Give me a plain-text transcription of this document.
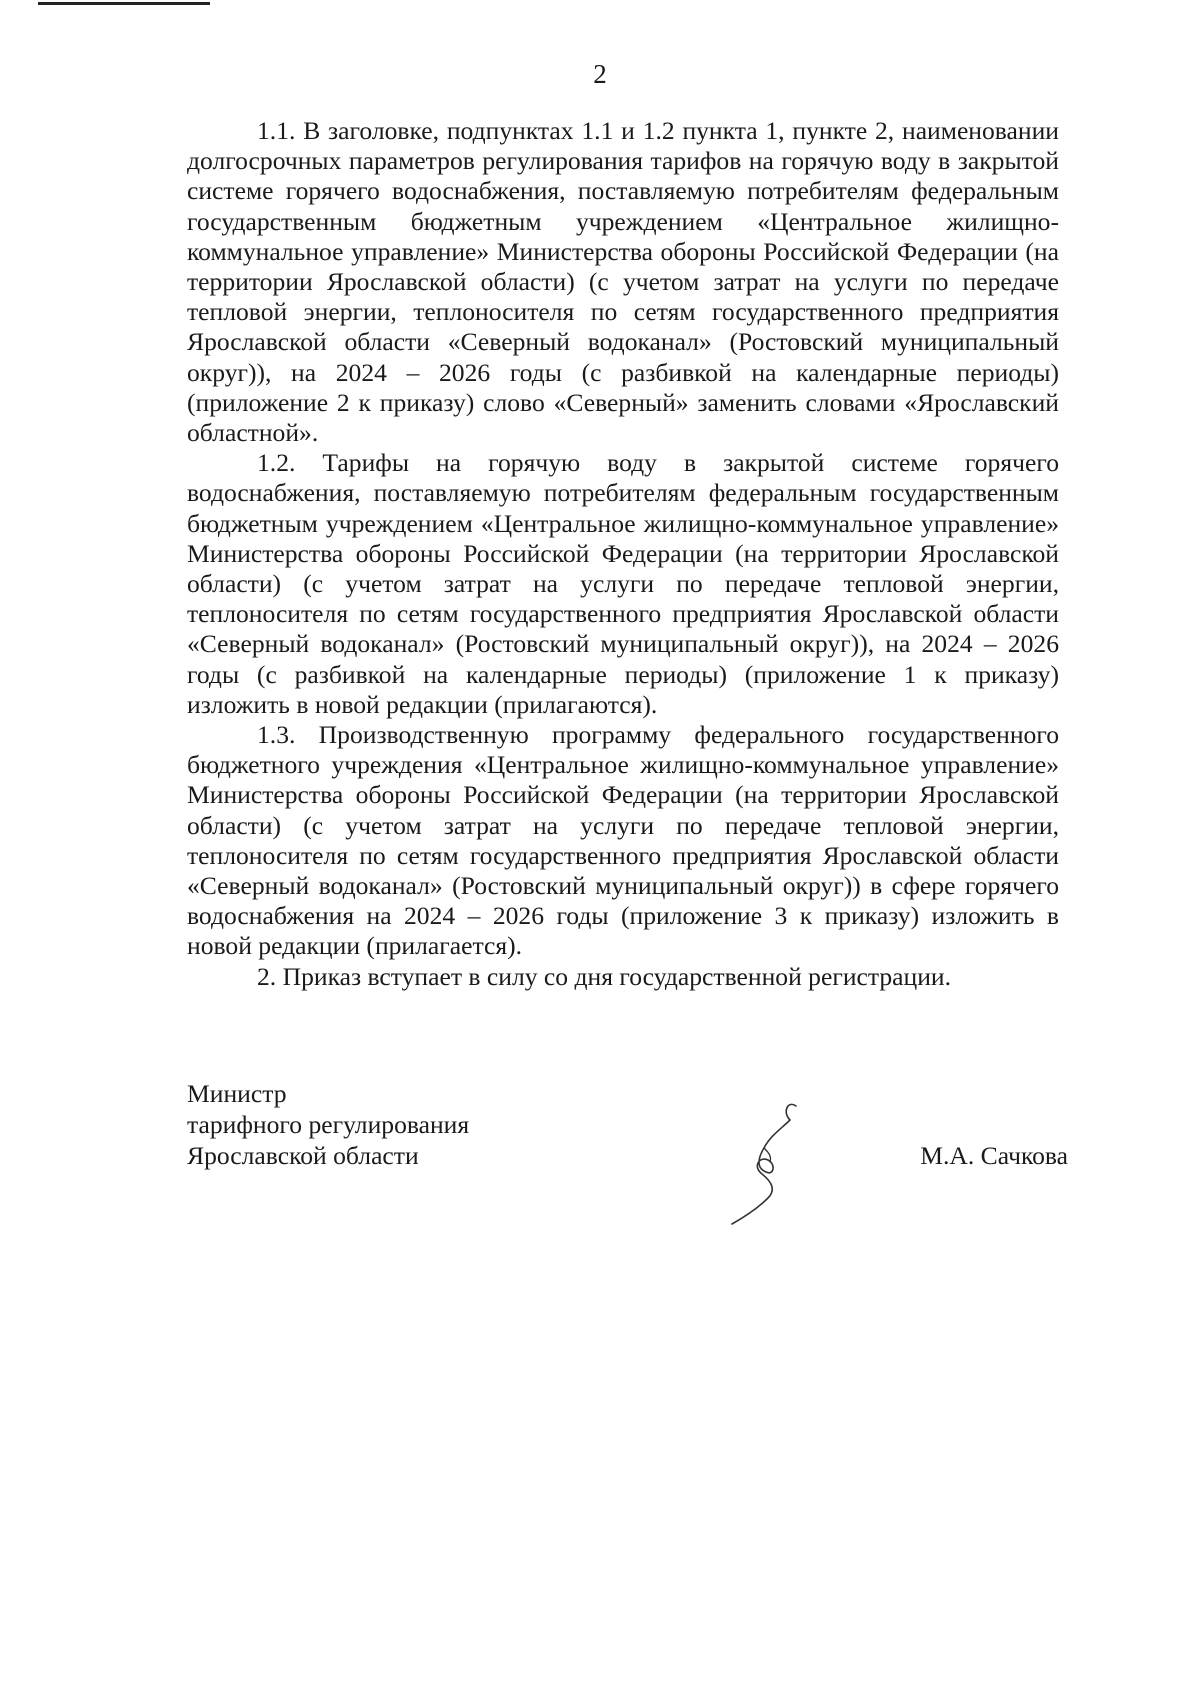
2

1.1. В заголовке, подпунктах 1.1 и 1.2 пункта 1, пункте 2, наименовании долгосрочных параметров регулирования тарифов на горячую воду в закрытой системе горячего водоснабжения, поставляемую потребителям федеральным государственным бюджетным учреждением «Центральное жилищно-коммунальное управление» Министерства обороны Российской Федерации (на территории Ярославской области) (с учетом затрат на услуги по передаче тепловой энергии, теплоносителя по сетям государственного предприятия Ярославской области «Северный водоканал» (Ростовский муниципальный округ)), на 2024 – 2026 годы (с разбивкой на календарные периоды) (приложение 2 к приказу) слово «Северный» заменить словами «Ярославский областной».

1.2. Тарифы на горячую воду в закрытой системе горячего водоснабжения, поставляемую потребителям федеральным государственным бюджетным учреждением «Центральное жилищно-коммунальное управление» Министерства обороны Российской Федерации (на территории Ярославской области) (с учетом затрат на услуги по передаче тепловой энергии, теплоносителя по сетям государственного предприятия Ярославской области «Северный водоканал» (Ростовский муниципальный округ)), на 2024 – 2026 годы (с разбивкой на календарные периоды) (приложение 1 к приказу) изложить в новой редакции (прилагаются).

1.3. Производственную программу федерального государственного бюджетного учреждения «Центральное жилищно-коммунальное управление» Министерства обороны Российской Федерации (на территории Ярославской области) (с учетом затрат на услуги по передаче тепловой энергии, теплоносителя по сетям государственного предприятия Ярославской области «Северный водоканал» (Ростовский муниципальный округ)) в сфере горячего водоснабжения на 2024 – 2026 годы (приложение 3 к приказу) изложить в новой редакции (прилагается).

2. Приказ вступает в силу со дня государственной регистрации.

Министр
тарифного регулирования
Ярославской области	М.А. Сачкова
